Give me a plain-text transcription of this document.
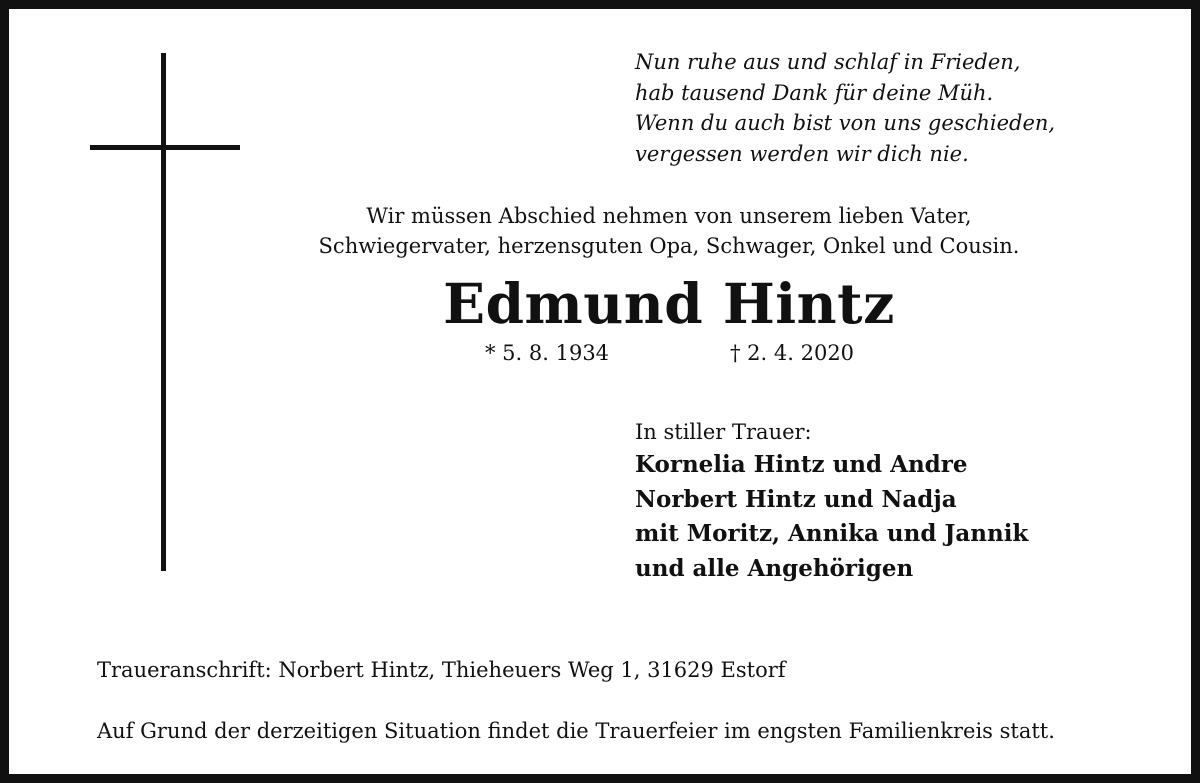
Nun ruhe aus und schlaf in Frieden,
hab tausend Dank für deine Müh.
Wenn du auch bist von uns geschieden,
vergessen werden wir dich nie.
Wir müssen Abschied nehmen von unserem lieben Vater,
Schwiegervater, herzensguten Opa, Schwager, Onkel und Cousin.
Edmund Hintz
* 5. 8. 1934	† 2. 4. 2020
In stiller Trauer:
Kornelia Hintz und Andre
Norbert Hintz und Nadja
mit Moritz, Annika und Jannik
und alle Angehörigen
Traueranschrift: Norbert Hintz, Thieheuers Weg 1, 31629 Estorf
Auf Grund der derzeitigen Situation findet die Trauerfeier im engsten Familienkreis statt.
